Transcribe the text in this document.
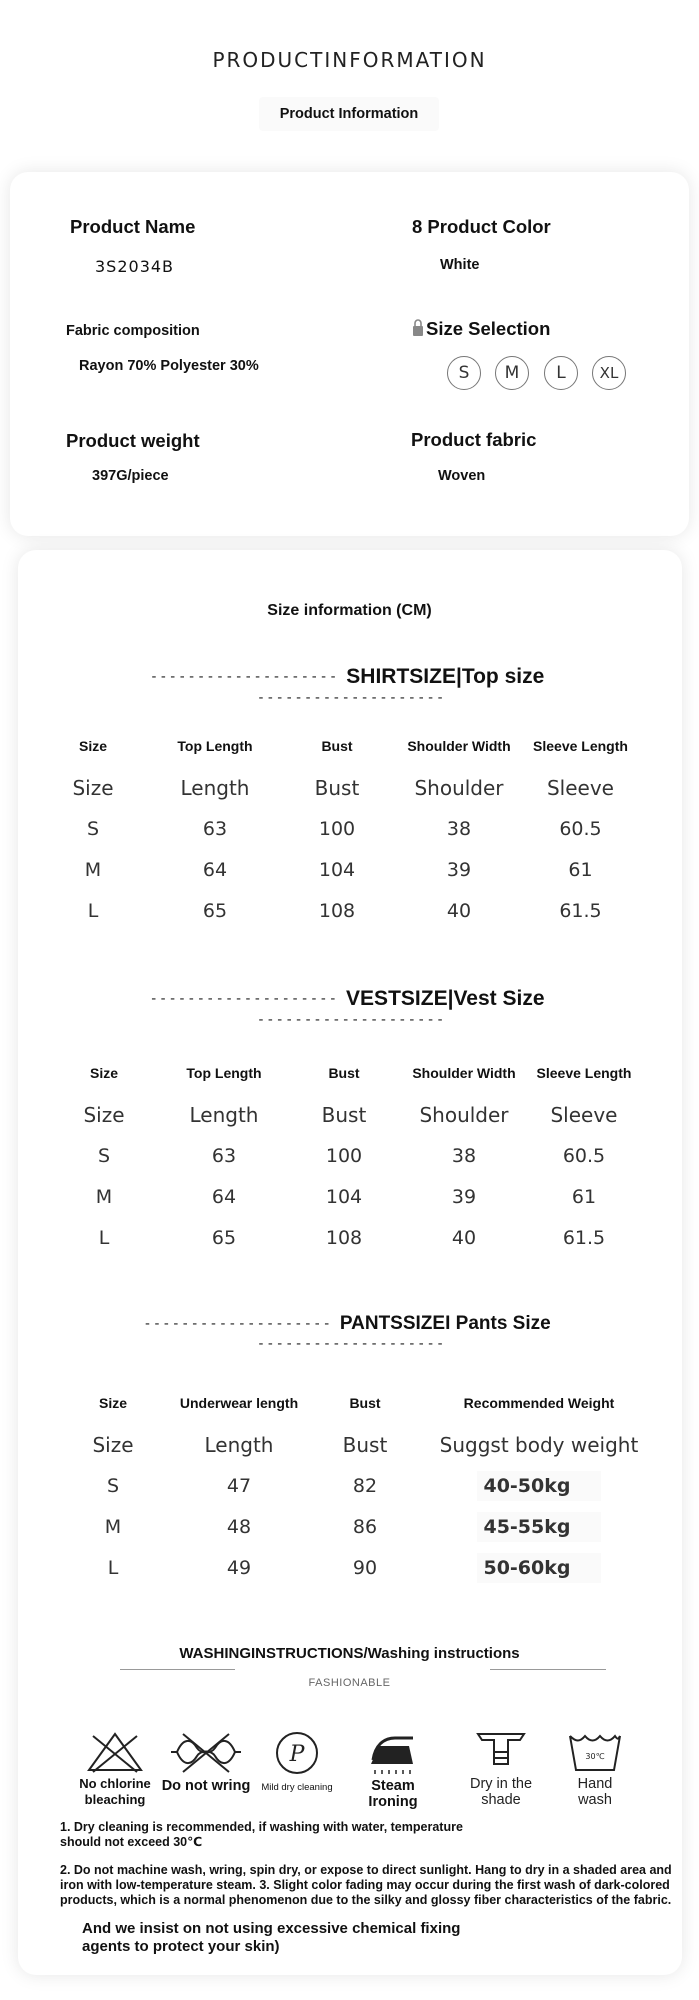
PRODUCTINFORMATION
Product Information
Product Name
3S2034B
8 Product Color
White
Fabric composition
Rayon 70% Polyester 30%
Size Selection
S	M	L	XL
Product weight
397G/piece
Product fabric
Woven
Size information (CM)
-------------------- SHIRTSIZE|Top size--------------------
Size	Top Length	Bust	Shoulder Width	Sleeve Length
Size	Length	Bust	Shoulder	Sleeve
S	63	100	38	60.5
M	64	104	39	61
L	65	108	40	61.5
-------------------- VESTSIZE|Vest Size--------------------
Size	Top Length	Bust	Shoulder Width	Sleeve Length
Size	Length	Bust	Shoulder	Sleeve
S	63	100	38	60.5
M	64	104	39	61
L	65	108	40	61.5
-------------------- PANTSSIZEI Pants Size--------------------
Size	Underwear length	Bust	Recommended Weight
Size	Length	Bust	Suggst body weight
S	47	82	40-50kg
M	48	86	45-55kg
L	49	90	50-60kg
WASHINGINSTRUCTIONS/Washing instructions
FASHIONABLE
No chlorine
bleaching
Do not wring
P
Mild dry cleaning	Steam
Ironing
Dry in the
shade
30℃
Hand
wash
1. Dry cleaning is recommended, if washing with water, temperature should not exceed 30℃
2. Do not machine wash, wring, spin dry, or expose to direct sunlight. Hang to dry in a shaded area and iron with low-temperature steam. 3. Slight color fading may occur during the first wash of dark-colored products, which is a normal phenomenon due to the silky and glossy fiber characteristics of the fabric.
And we insist on not using excessive chemical fixing agents to protect your skin)
